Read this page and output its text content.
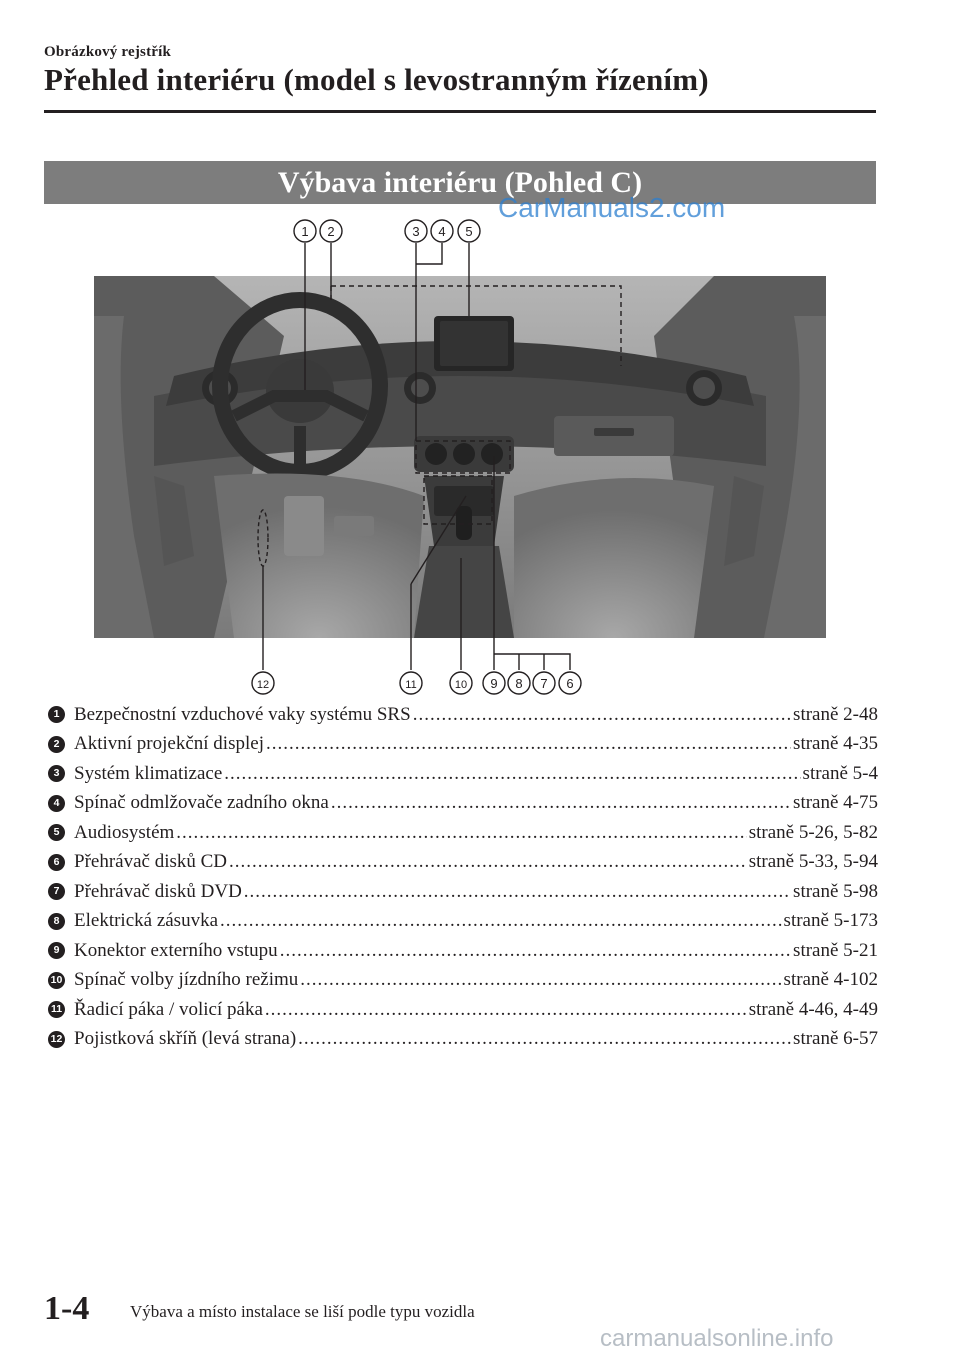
Obrázkový rejstřík
Přehled interiéru (model s levostranným řízením)
Výbava interiéru (Pohled C)
1 2	3 4 5
12	11	10 9 8 7 6
CarManuals2.com
1 Bezpečnostní vzduchové vaky systému SRS .....	straně 2-48
2 Aktivní projekční displej .....	straně 4-35
3 Systém klimatizace .....	straně 5-4
4 Spínač odmlžovače zadního okna .....	straně 4-75
5 Audiosystém .....	straně 5-26, 5-82
6 Přehrávač disků CD .....	straně 5-33, 5-94
7 Přehrávač disků DVD .....	straně 5-98
8 Elektrická zásuvka .....	straně 5-173
9 Konektor externího vstupu .....	straně 5-21
10 Spínač volby jízdního režimu .....	straně 4-102
11 Řadicí páka / volicí páka .....	straně 4-46, 4-49
12 Pojistková skříň (levá strana) .....	straně 6-57
1-4 Výbava a místo instalace se liší podle typu vozidla
carmanualsonline.info
